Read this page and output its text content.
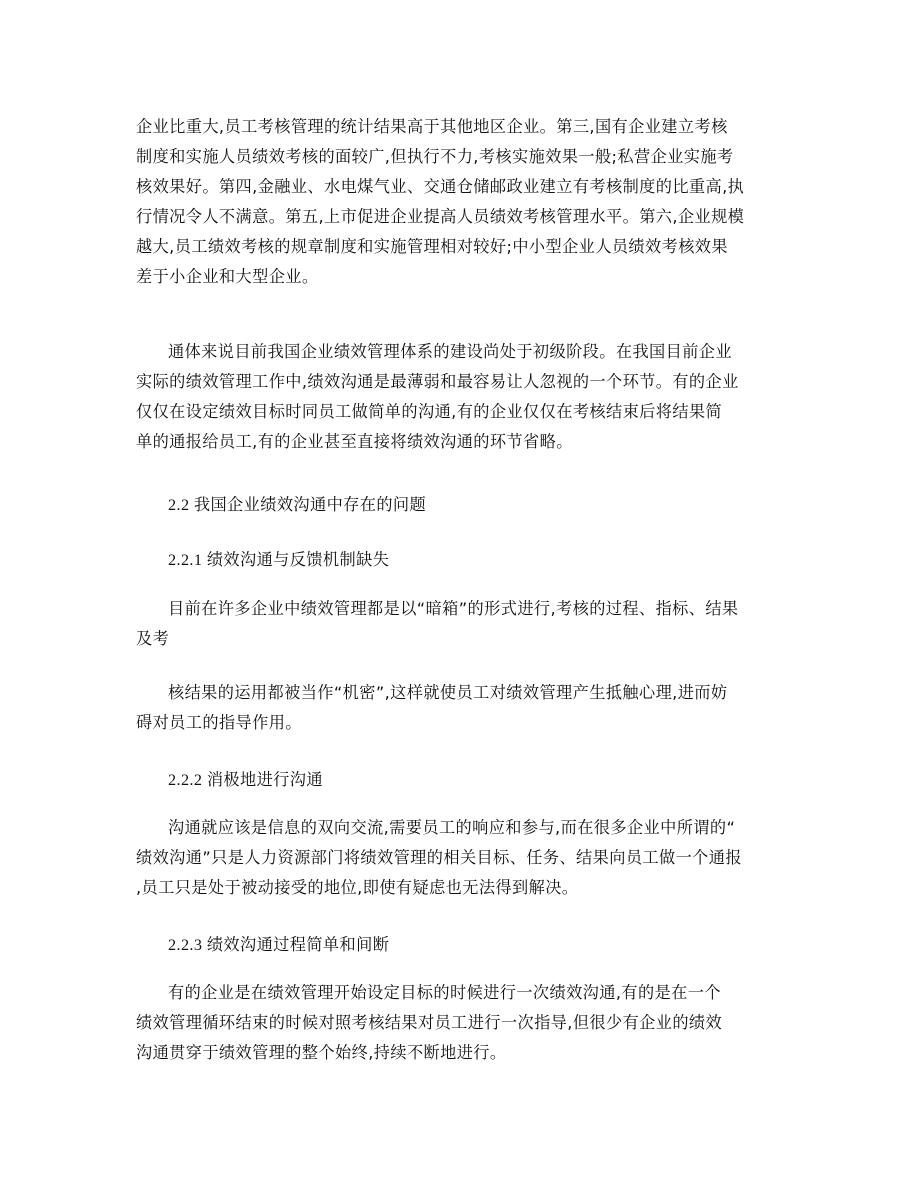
企业比重大,员工考核管理的统计结果高于其他地区企业。第三,国有企业建立考核
制度和实施人员绩效考核的面较广,但执行不力,考核实施效果一般;私营企业实施考
核效果好。第四,金融业、水电煤气业、交通仓储邮政业建立有考核制度的比重高,执
行情况令人不满意。第五,上市促进企业提高人员绩效考核管理水平。第六,企业规模
越大,员工绩效考核的规章制度和实施管理相对较好;中小型企业人员绩效考核效果
差于小企业和大型企业。
通体来说目前我国企业绩效管理体系的建设尚处于初级阶段。在我国目前企业
实际的绩效管理工作中,绩效沟通是最薄弱和最容易让人忽视的一个环节。有的企业
仅仅在设定绩效目标时同员工做简单的沟通,有的企业仅仅在考核结束后将结果简
单的通报给员工,有的企业甚至直接将绩效沟通的环节省略。
2.2 我国企业绩效沟通中存在的问题
2.2.1 绩效沟通与反馈机制缺失
目前在许多企业中绩效管理都是以“暗箱”的形式进行,考核的过程、指标、结果
及考
核结果的运用都被当作“机密”,这样就使员工对绩效管理产生抵触心理,进而妨
碍对员工的指导作用。
2.2.2 消极地进行沟通
沟通就应该是信息的双向交流,需要员工的响应和参与,而在很多企业中所谓的“
绩效沟通”只是人力资源部门将绩效管理的相关目标、任务、结果向员工做一个通报
,员工只是处于被动接受的地位,即使有疑虑也无法得到解决。
2.2.3 绩效沟通过程简单和间断
有的企业是在绩效管理开始设定目标的时候进行一次绩效沟通,有的是在一个
绩效管理循环结束的时候对照考核结果对员工进行一次指导,但很少有企业的绩效
沟通贯穿于绩效管理的整个始终,持续不断地进行。
